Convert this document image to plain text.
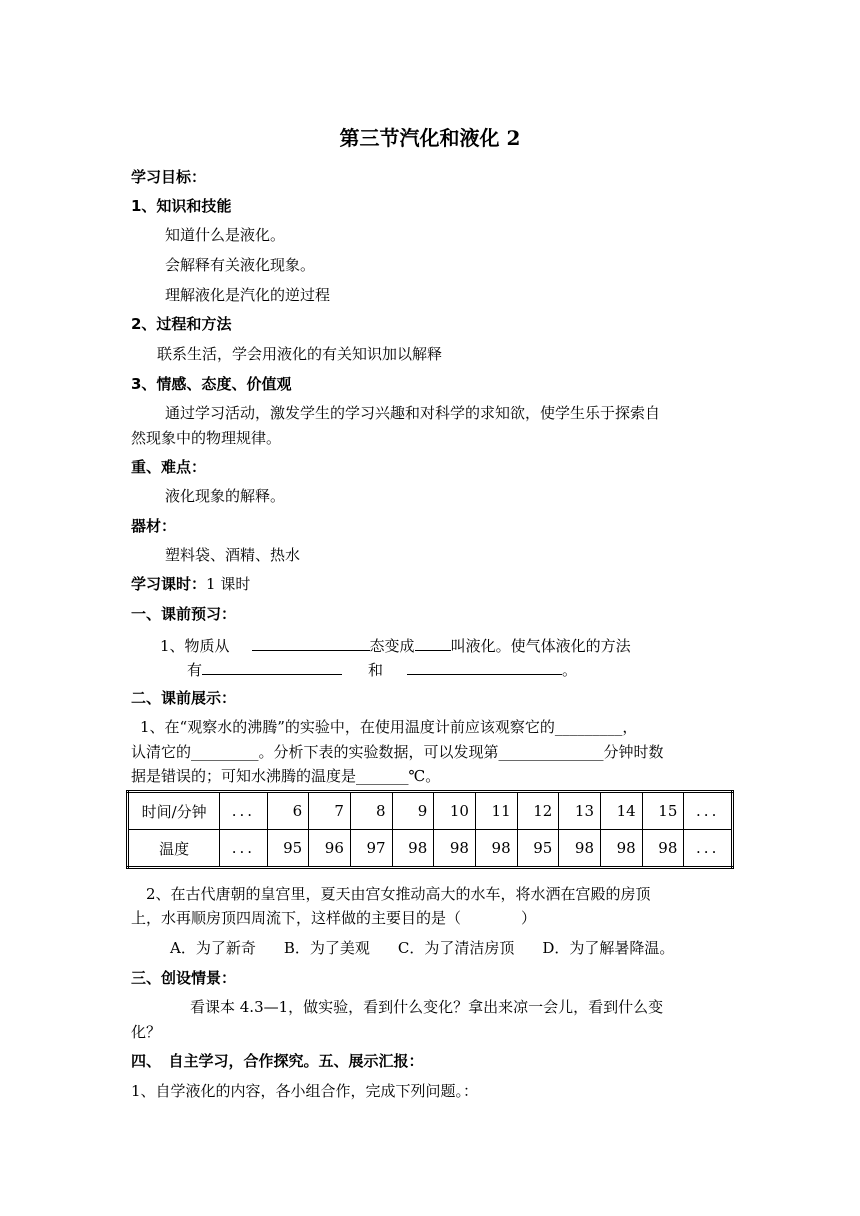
第三节汽化和液化 2
学习目标：
1、知识和技能
知道什么是液化。
会解释有关液化现象。
理解液化是汽化的逆过程
2、过程和方法
联系生活，学会用液化的有关知识加以解释
3、情感、态度、价值观
通过学习活动，激发学生的学习兴趣和对科学的求知欲，使学生乐于探索自
然现象中的物理规律。
重、难点：
液化现象的解释。
器材：
塑料袋、酒精、热水
学习课时：1 课时
一、课前预习：
1、物质从	态变成 叫液化。使气体液化的方法
有	和	。
二、课前展示：
1、在“观察水的沸腾”的实验中，在使用温度计前应该观察它的_________，
认清它的_________。分析下表的实验数据，可以发现第______________分钟时数
据是错误的；可知水沸腾的温度是_______℃。
时间/分钟	...	6	7	8	9	10	11	12	13	14	15	...
温度	...	95	96	97	98	98	98	95	98	98	98	...
2、在古代唐朝的皇宫里，夏天由宫女推动高大的水车，将水洒在宫殿的房顶
上，水再顺房顶四周流下，这样做的主要目的是（　　　　）
A．为了新奇 B．为了美观 C．为了清洁房顶 D．为了解暑降温。
三、创设情景：
看课本 4.3—1，做实验，看到什么变化？拿出来凉一会儿，看到什么变
化？
四、　自主学习，合作探究。五、展示汇报：
1、自学液化的内容，各小组合作，完成下列问题。：
